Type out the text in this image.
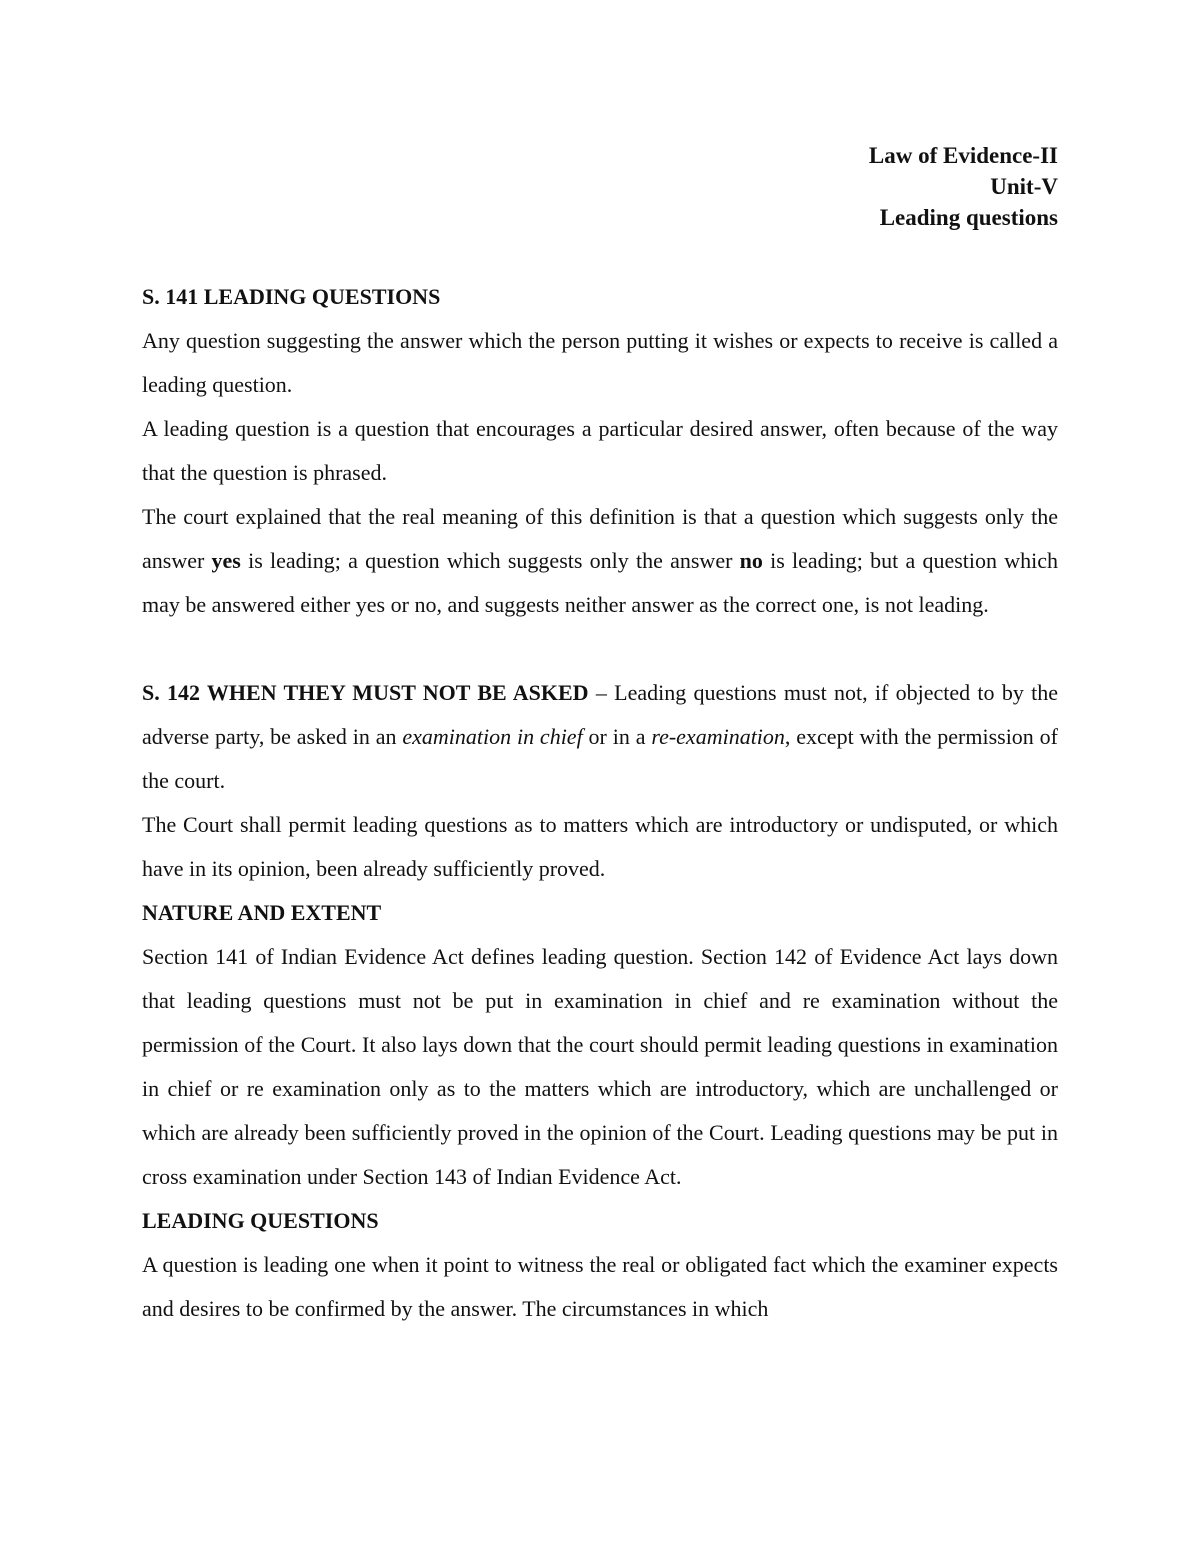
Law of Evidence-II
Unit-V
Leading questions
S. 141 LEADING QUESTIONS

Any question suggesting the answer which the person putting it wishes or expects to receive is called a leading question.

A leading question is a question that encourages a particular desired answer, often because of the way that the question is phrased.

The court explained that the real meaning of this definition is that a question which suggests only the answer yes is leading; a question which suggests only the answer no is leading; but a question which may be answered either yes or no, and suggests neither answer as the correct one, is not leading.

S. 142 WHEN THEY MUST NOT BE ASKED – Leading questions must not, if objected to by the adverse party, be asked in an examination in chief or in a re-examination, except with the permission of the court.

The Court shall permit leading questions as to matters which are introductory or undisputed, or which have in its opinion, been already sufficiently proved.

NATURE AND EXTENT

Section 141 of Indian Evidence Act defines leading question. Section 142 of Evidence Act lays down that leading questions must not be put in examination in chief and re examination without the permission of the Court. It also lays down that the court should permit leading questions in examination in chief or re examination only as to the matters which are introductory, which are unchallenged or which are already been sufficiently proved in the opinion of the Court. Leading questions may be put in cross examination under Section 143 of Indian Evidence Act.

LEADING QUESTIONS

A question is leading one when it point to witness the real or obligated fact which the examiner expects and desires to be confirmed by the answer. The circumstances in which
